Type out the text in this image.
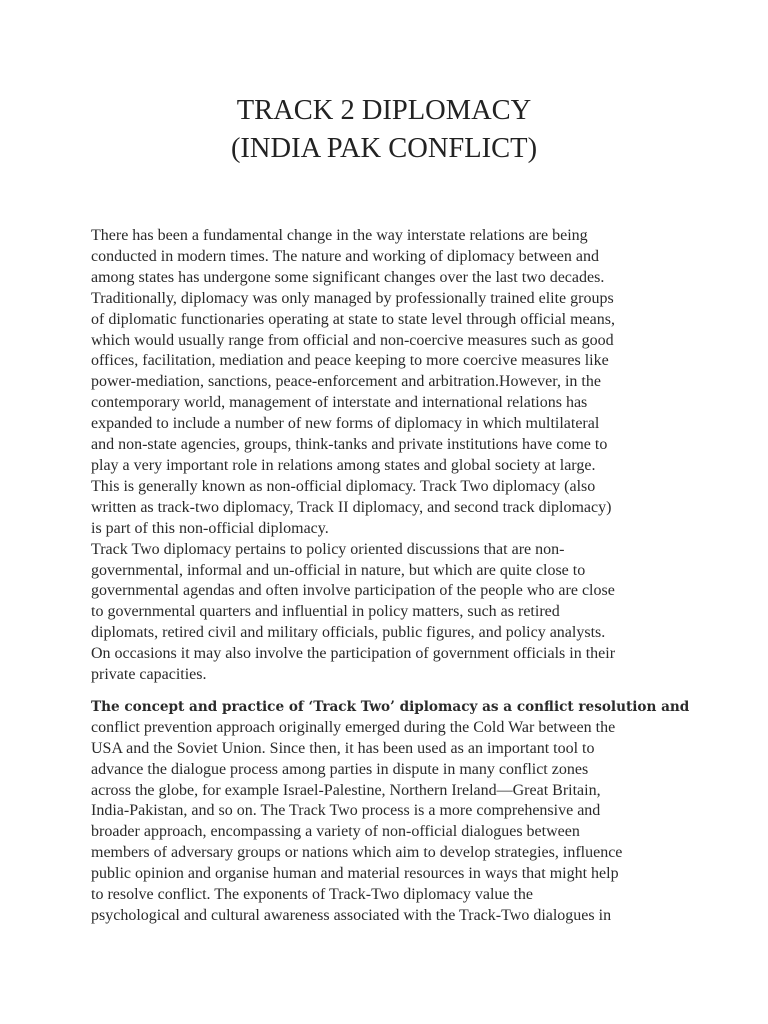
TRACK 2 DIPLOMACY
(INDIA PAK CONFLICT)
There has been a fundamental change in the way interstate relations are being
conducted in modern times. The nature and working of diplomacy between and
among states has undergone some significant changes over the last two decades.
Traditionally, diplomacy was only managed by professionally trained elite groups
of diplomatic functionaries operating at state to state level through official means,
which would usually range from official and non-coercive measures such as good
offices, facilitation, mediation and peace keeping to more coercive measures like
power-mediation, sanctions, peace-enforcement and arbitration.However, in the
contemporary world, management of interstate and international relations has
expanded to include a number of new forms of diplomacy in which multilateral
and non-state agencies, groups, think-tanks and private institutions have come to
play a very important role in relations among states and global society at large.
This is generally known as non-official diplomacy. Track Two diplomacy (also
written as track-two diplomacy, Track II diplomacy, and second track diplomacy)
is part of this non-official diplomacy.
Track Two diplomacy pertains to policy oriented discussions that are non-
governmental, informal and un-official in nature, but which are quite close to
governmental agendas and often involve participation of the people who are close
to governmental quarters and influential in policy matters, such as retired
diplomats, retired civil and military officials, public figures, and policy analysts.
On occasions it may also involve the participation of government officials in their
private capacities.
The concept and practice of ‘Track Two’ diplomacy as a conflict resolution and
conflict prevention approach originally emerged during the Cold War between the
USA and the Soviet Union. Since then, it has been used as an important tool to
advance the dialogue process among parties in dispute in many conflict zones
across the globe, for example Israel-Palestine, Northern Ireland—Great Britain,
India-Pakistan, and so on. The Track Two process is a more comprehensive and
broader approach, encompassing a variety of non-official dialogues between
members of adversary groups or nations which aim to develop strategies, influence
public opinion and organise human and material resources in ways that might help
to resolve conflict. The exponents of Track-Two diplomacy value the
psychological and cultural awareness associated with the Track-Two dialogues in
